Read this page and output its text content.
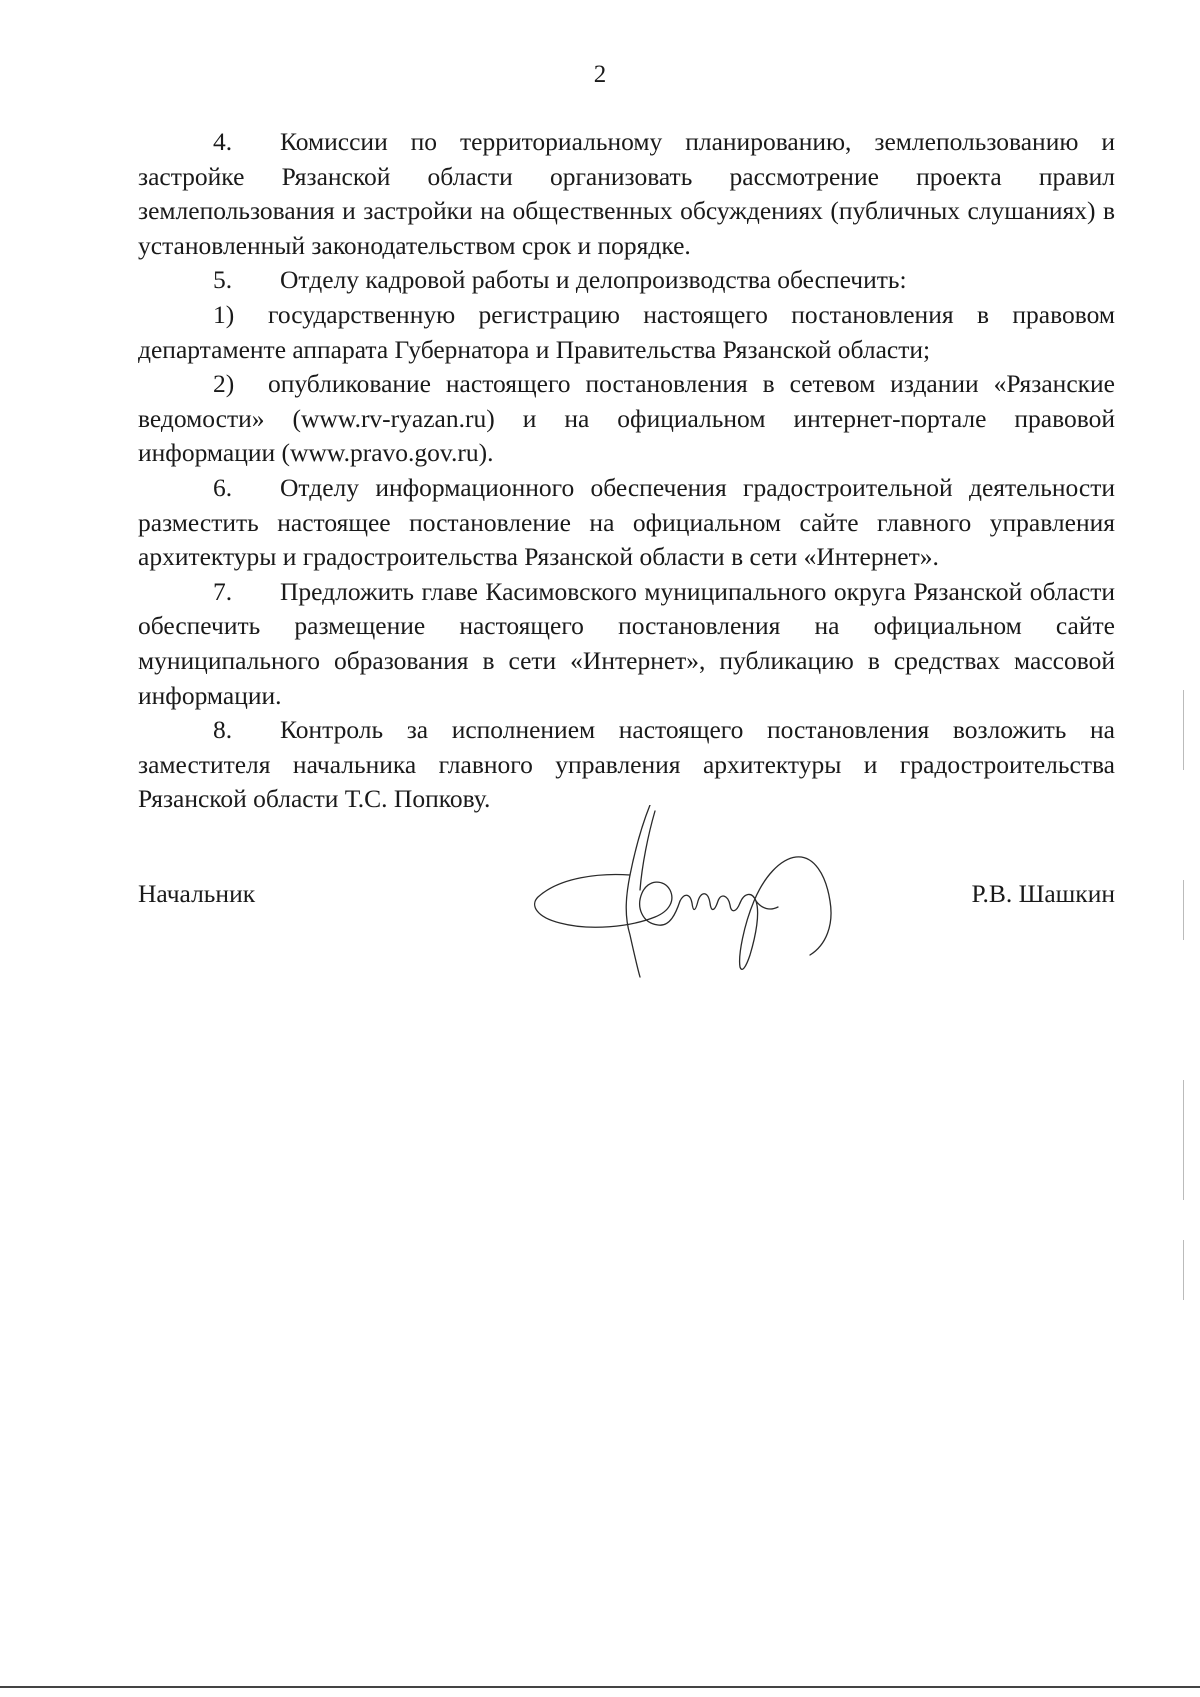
2

4. Комиссии по территориальному планированию, землепользованию и застройке Рязанской области организовать рассмотрение проекта правил землепользования и застройки на общественных обсуждениях (публичных слушаниях) в установленный законодательством срок и порядке.

5. Отделу кадровой работы и делопроизводства обеспечить:

1) государственную регистрацию настоящего постановления в правовом департаменте аппарата Губернатора и Правительства Рязанской области;

2) опубликование настоящего постановления в сетевом издании «Рязанские ведомости» (www.rv-ryazan.ru) и на официальном интернет-портале правовой информации (www.pravo.gov.ru).

6. Отделу информационного обеспечения градостроительной деятельности разместить настоящее постановление на официальном сайте главного управления архитектуры и градостроительства Рязанской области в сети «Интернет».

7. Предложить главе Касимовского муниципального округа Рязанской области обеспечить размещение настоящего постановления на официальном сайте муниципального образования в сети «Интернет», публикацию в средствах массовой информации.

8. Контроль за исполнением настоящего постановления возложить на заместителя начальника главного управления архитектуры и градостроительства Рязанской области Т.С. Попкову.

Начальник	Р.В. Шашкин
